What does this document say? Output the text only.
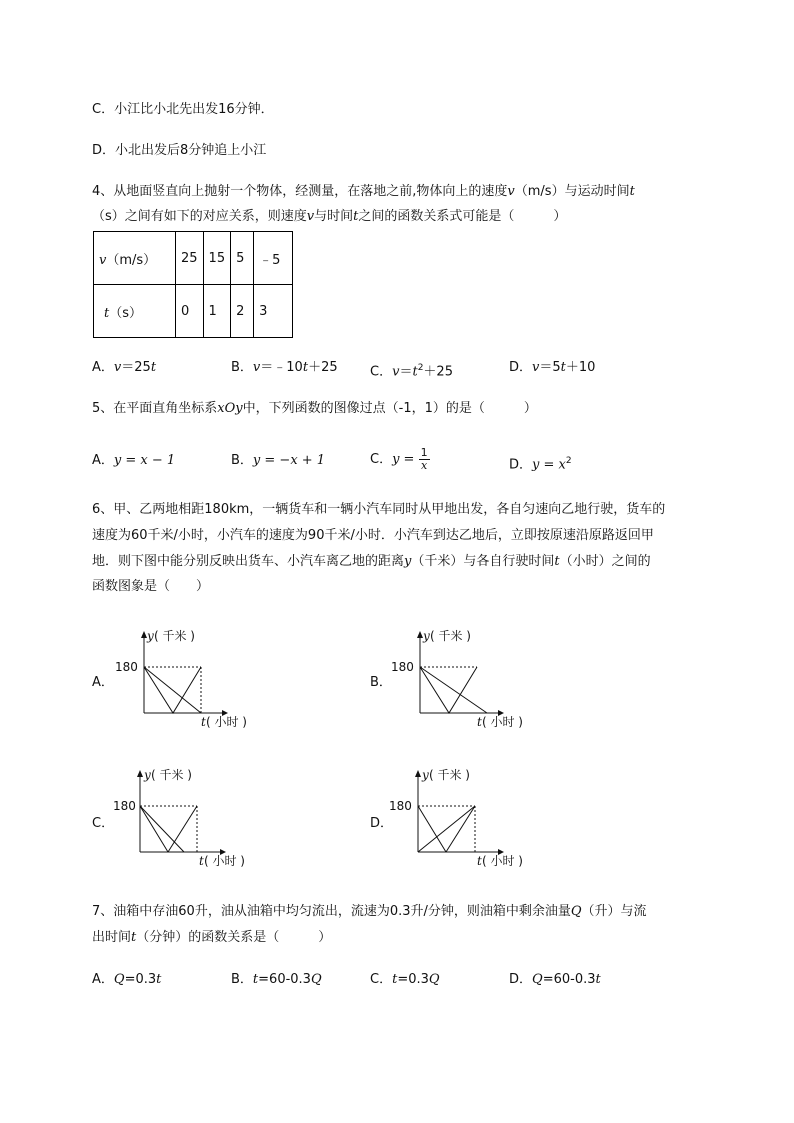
C．小江比小北先出发16分钟．
D．小北出发后8分钟追上小江
4、从地面竖直向上抛射一个物体，经测量，在落地之前,物体向上的速度v（m/s）与运动时间t
（s）之间有如下的对应关系，则速度v与时间t之间的函数关系式可能是（　　　）
v（m/s）	25	15	5	﹣5
t（s）	0	1	2	3
A．v＝25t	B．v＝﹣10t＋25 C．$v=t^2+25$	D．v＝5t＋10
5、在平面直角坐标系xOy中，下列函数的图像过点（-1，1）的是（　　　）
A．y = x − 1	B．y = −x + 1	C．$y = \frac{1}{x}$	D．$y = x^2$
6、甲、乙两地相距180km，一辆货车和一辆小汽车同时从甲地出发，各自匀速向乙地行驶，货车的
速度为60千米/小时，小汽车的速度为90千米/小时．小汽车到达乙地后，立即按原速沿原路返回甲
地．则下图中能分别反映出货车、小汽车离乙地的距离y（千米）与各自行驶时间t（小时）之间的
函数图象是（　　）
A．
180
y ( 千米 )
t ( 小时 )
B．
180
y ( 千米 )
t ( 小时 )
C．
180
y ( 千米 )
t ( 小时 )
D．
180
y ( 千米 )
t ( 小时 )
7、油箱中存油60升，油从油箱中均匀流出，流速为0.3升/分钟，则油箱中剩余油量Q（升）与流
出时间t（分钟）的函数关系是（　　　）
A．Q=0.3t	B．t=60-0.3Q	C．t=0.3Q	D．Q=60-0.3t
